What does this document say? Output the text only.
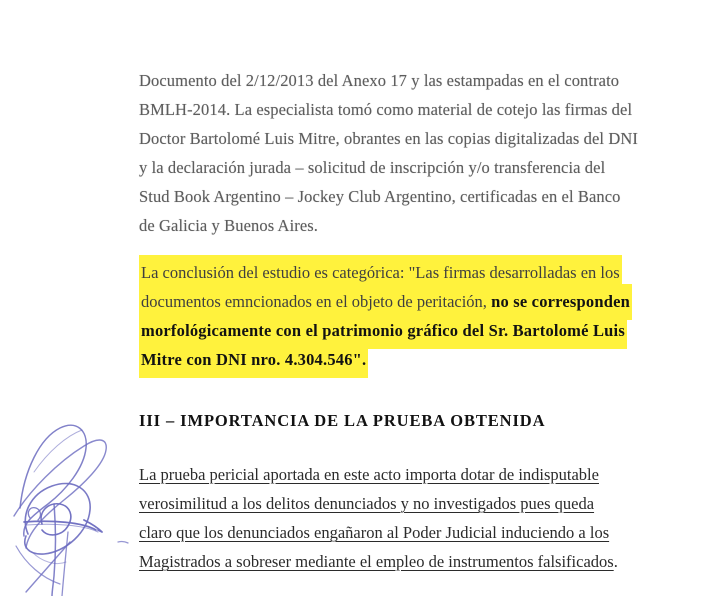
Documento del 2/12/2013 del Anexo 17 y las estampadas en el contrato
BMLH-2014. La especialista tomó como material de cotejo las firmas del
Doctor Bartolomé Luis Mitre, obrantes en las copias digitalizadas del DNI
y la declaración jurada – solicitud de inscripción y/o transferencia del
Stud Book Argentino – Jockey Club Argentino, certificadas en el Banco
de Galicia y Buenos Aires.

La conclusión del estudio es categórica: "Las firmas desarrolladas en los
documentos emncionados en el objeto de peritación, no se corresponden
morfológicamente con el patrimonio gráfico del Sr. Bartolomé Luis
Mitre con DNI nro. 4.304.546".
III – IMPORTANCIA DE LA PRUEBA OBTENIDA
La prueba pericial aportada en este acto importa dotar de indisputable
verosimilitud a los delitos denunciados y no investigados pues queda
claro que los denunciados engañaron al Poder Judicial induciendo a los
Magistrados a sobreser mediante el empleo de instrumentos falsificados.
